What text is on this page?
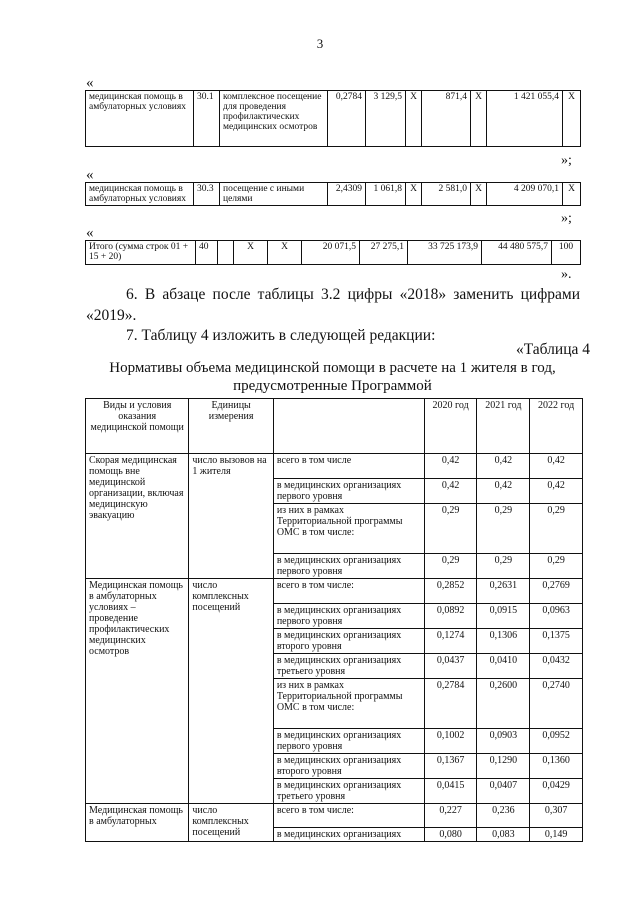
3
«
медицинская помощь в амбулаторных условиях	30.1	комплексное посещение для проведения профилактических медицинских осмотров	0,2784	3 129,5	X	871,4	X	1 421 055,4	X
»;
«
медицинская помощь в амбулаторных условиях	30.3	посещение с иными целями	2,4309	1 061,8	X	2 581,0	X	4 209 070,1	X
»;
«
Итого (сумма строк 01 + 15 + 20)	40		X	X	20 071,5	27 275,1	33 725 173,9	44 480 575,7	100
».
6. В абзаце после таблицы 3.2 цифры «2018» заменить цифрами «2019».
7. Таблицу 4 изложить в следующей редакции:
«Таблица 4
Нормативы объема медицинской помощи в расчете на 1 жителя в год,
предусмотренные Программой
Виды и условия оказания медицинской помощи	Единицы измерения		2020 год	2021 год	2022 год
Скорая медицинская помощь вне медицинской организации, включая медицинскую эвакуацию	число вызовов на 1 жителя	всего в том числе	0,42	0,42	0,42
		в медицинских организациях первого уровня	0,42	0,42	0,42
		из них в рамках Территориальной программы ОМС в том числе:	0,29	0,29	0,29
		в медицинских организациях первого уровня	0,29	0,29	0,29
Медицинская помощь в амбулаторных условиях – проведение профилактических медицинских осмотров	число комплексных посещений	всего в том числе:	0,2852	0,2631	0,2769
		в медицинских организациях первого уровня	0,0892	0,0915	0,0963
		в медицинских организациях второго уровня	0,1274	0,1306	0,1375
		в медицинских организациях третьего уровня	0,0437	0,0410	0,0432
		из них в рамках Территориальной программы ОМС в том числе:	0,2784	0,2600	0,2740
		в медицинских организациях первого уровня	0,1002	0,0903	0,0952
		в медицинских организациях второго уровня	0,1367	0,1290	0,1360
		в медицинских организациях третьего уровня	0,0415	0,0407	0,0429
Медицинская помощь в амбулаторных	число комплексных посещений	всего в том числе:	0,227	0,236	0,307
		в медицинских организациях	0,080	0,083	0,149
